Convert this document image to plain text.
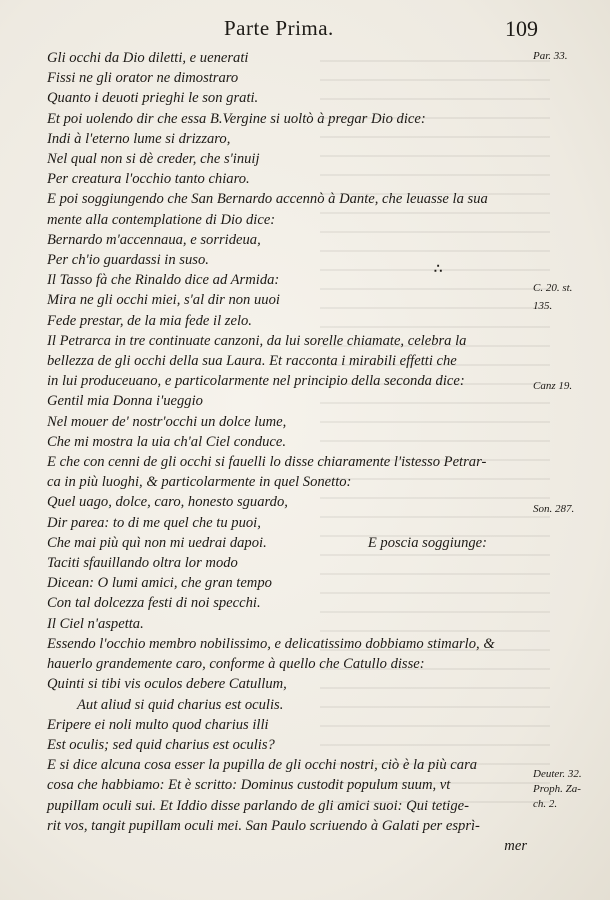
Parte Prima.	109
Gli occhi da Dio diletti, e uenerati
Fissi ne gli orator ne dimostraro
Quanto i deuoti prieghi le son grati.
Et poi uolendo dir che essa B.Vergine si uoltò à pregar Dio dice:
Indi à l'eterno lume si drizzaro,
Nel qual non si dè creder, che s'inuij
Per creatura l'occhio tanto chiaro.
E poi soggiungendo che San Bernardo accennò à Dante, che leuasse la sua
mente alla contemplatione di Dio dice:
Bernardo m'accennaua, e sorrideua,
Per ch'io guardassi in suso.
Il Tasso fà che Rinaldo dice ad Armida:
Mira ne gli occhi miei, s'al dir non uuoi
Fede prestar, de la mia fede il zelo.
Il Petrarca in tre continuate canzoni, da lui sorelle chiamate, celebra la
bellezza de gli occhi della sua Laura. Et racconta i mirabili effetti che
in lui produceuano, e particolarmente nel principio della seconda dice:
Gentil mia Donna i'ueggio
Nel mouer de' nostr'occhi un dolce lume,
Che mi mostra la uia ch'al Ciel conduce.
E che con cenni de gli occhi si fauelli lo disse chiaramente l'istesso Petrar-
ca in più luoghi, & particolarmente in quel Sonetto:
Quel uago, dolce, caro, honesto sguardo,
Dir parea: to di me quel che tu puoi,
Che mai più quì non mi uedrai dapoi.	E poscia soggiunge:
Taciti sfauillando oltra lor modo
Dicean: O lumi amici, che gran tempo
Con tal dolcezza festi di noi specchi.
Il Ciel n'aspetta.
Essendo l'occhio membro nobilissimo, e delicatissimo dobbiamo stimarlo, &
hauerlo grandemente caro, conforme à quello che Catullo disse:
Quinti si tibi vis oculos debere Catullum,
Aut aliud si quid charius est oculis.
Eripere ei noli multo quod charius illi
Est oculis; sed quid charius est oculis?
E si dice alcuna cosa esser la pupilla de gli occhi nostri, ciò è la più cara
cosa che habbiamo: Et è scritto: Dominus custodit populum suum, vt
pupillam oculi sui. Et Iddio disse parlando de gli amici suoi: Qui tetige-
rit vos, tangit pupillam oculi mei. San Paulo scriuendo à Galati per esprì-
mer
∴
Par. 33.
C. 20. st.
135.
Canz 19.
Son. 287.
Deuter. 32.
Proph. Za-
ch. 2.
